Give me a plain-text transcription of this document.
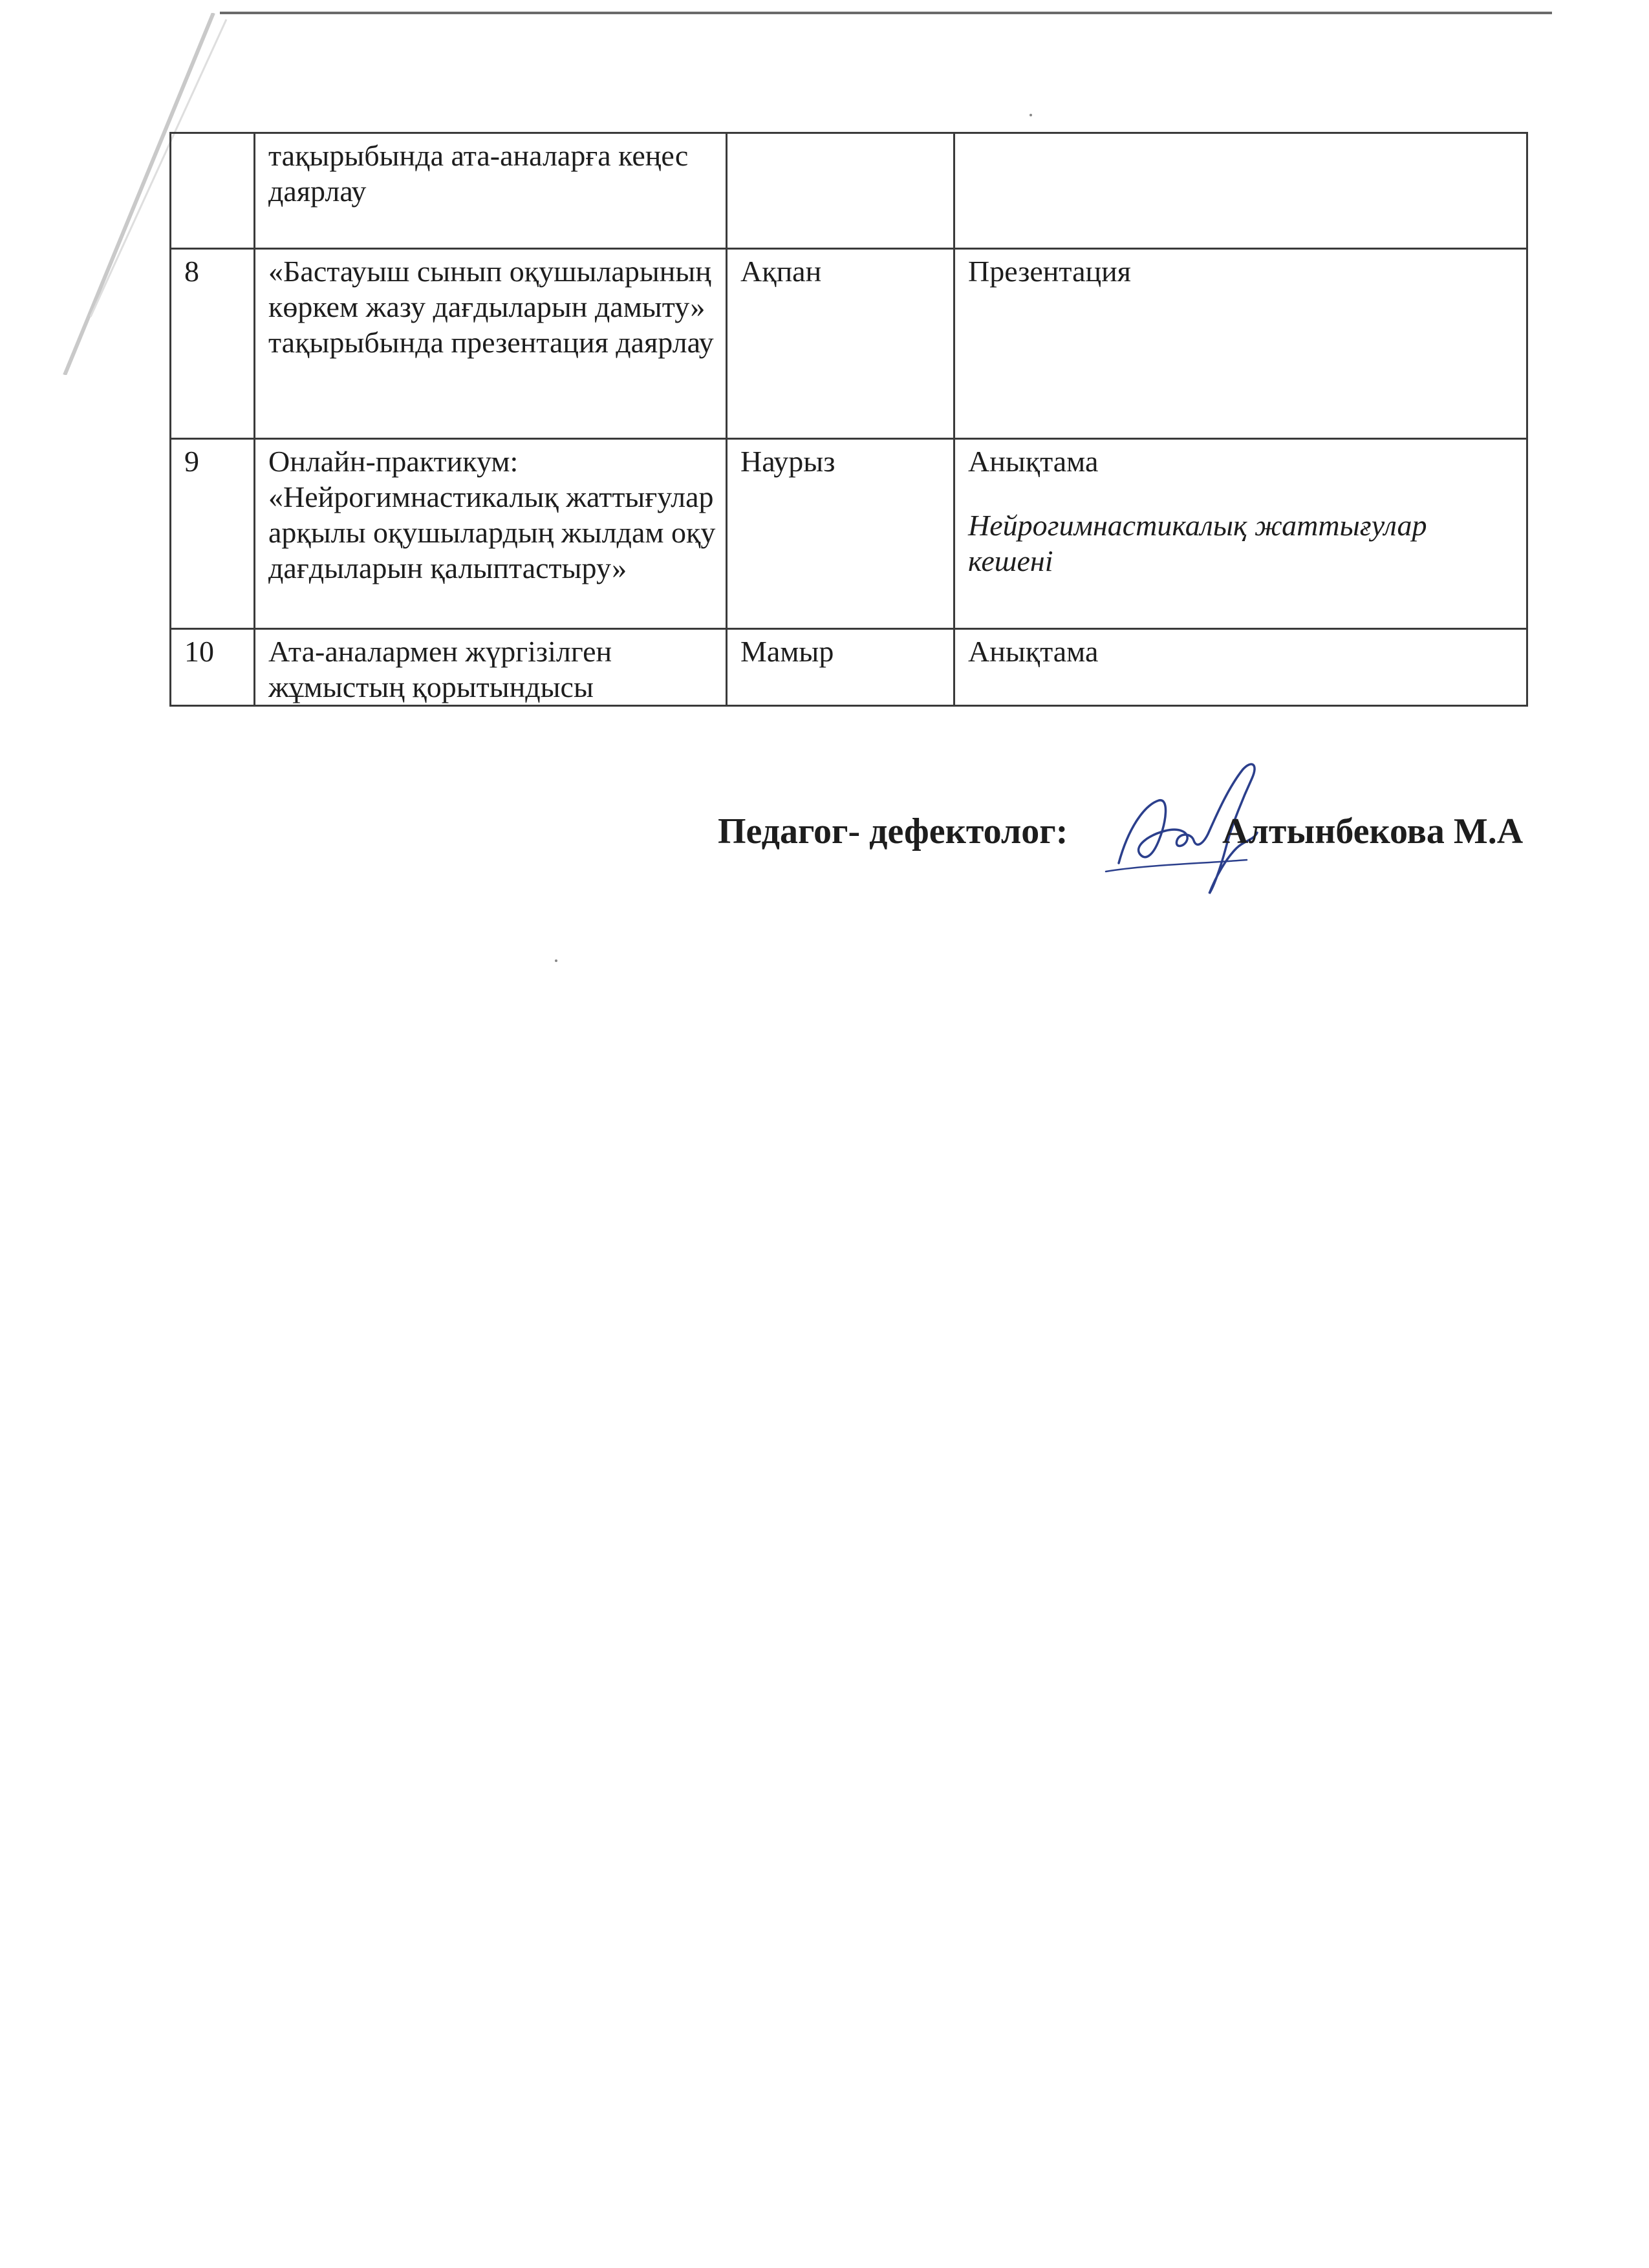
	тақырыбында ата-аналарға кеңес даярлау		
8	«Бастауыш сынып оқушыларының көркем жазу дағдыларын дамыту» тақырыбында презентация даярлау	Ақпан	Презентация
9	Онлайн-практикум: «Нейрогимнастикалық жаттығулар арқылы оқушылардың жылдам оқу дағдыларын қалыптастыру»	Наурыз	Анықтама
Нейрогимнастикалық жаттығулар кешені

10	Ата-аналармен жүргізілген жұмыстың қорытындысы	Мамыр	Анықтама
Педагог- дефектолог:	Алтынбекова М.А
